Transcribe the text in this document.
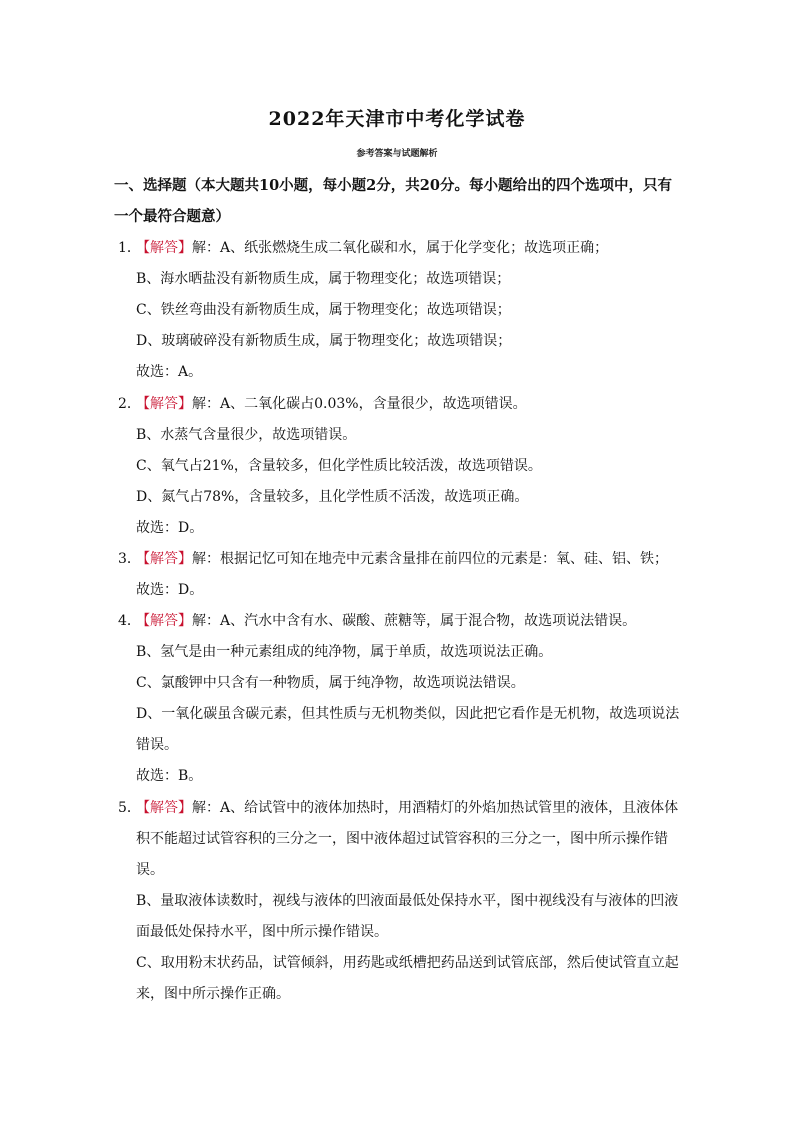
2022年天津市中考化学试卷
参考答案与试题解析
一、选择题（本大题共10小题，每小题2分，共20分。每小题给出的四个选项中，只有
一个最符合题意）
1．【解答】解：A、纸张燃烧生成二氧化碳和水，属于化学变化；故选项正确；
B、海水晒盐没有新物质生成，属于物理变化；故选项错误；
C、铁丝弯曲没有新物质生成，属于物理变化；故选项错误；
D、玻璃破碎没有新物质生成，属于物理变化；故选项错误；
故选：A。
2．【解答】解：A、二氧化碳占0.03%，含量很少，故选项错误。
B、水蒸气含量很少，故选项错误。
C、氧气占21%，含量较多，但化学性质比较活泼，故选项错误。
D、氮气占78%，含量较多，且化学性质不活泼，故选项正确。
故选：D。
3．【解答】解：根据记忆可知在地壳中元素含量排在前四位的元素是：氧、硅、铝、铁；
故选：D。
4．【解答】解：A、汽水中含有水、碳酸、蔗糖等，属于混合物，故选项说法错误。
B、氢气是由一种元素组成的纯净物，属于单质，故选项说法正确。
C、氯酸钾中只含有一种物质，属于纯净物，故选项说法错误。
D、一氧化碳虽含碳元素，但其性质与无机物类似，因此把它看作是无机物，故选项说法
错误。
故选：B。
5．【解答】解：A、给试管中的液体加热时，用酒精灯的外焰加热试管里的液体，且液体体
积不能超过试管容积的三分之一，图中液体超过试管容积的三分之一，图中所示操作错
误。
B、量取液体读数时，视线与液体的凹液面最低处保持水平，图中视线没有与液体的凹液
面最低处保持水平，图中所示操作错误。
C、取用粉末状药品，试管倾斜，用药匙或纸槽把药品送到试管底部，然后使试管直立起
来，图中所示操作正确。
